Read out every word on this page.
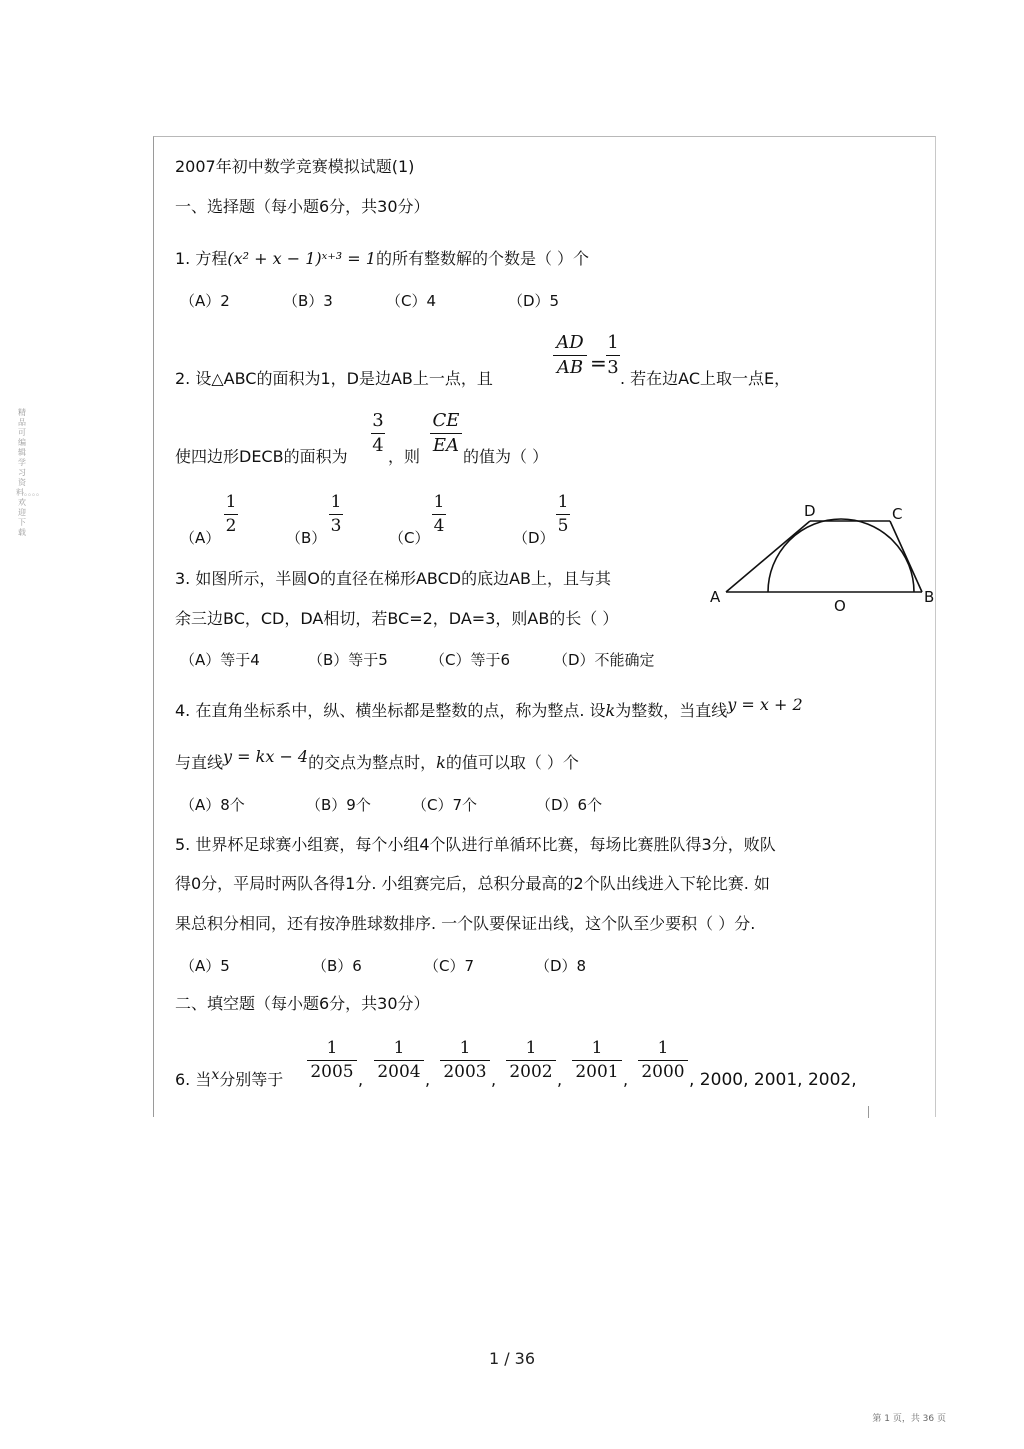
精品可编辑学习资料。。。。欢迎下载
2007年初中数学竞赛模拟试题(1)
一、选择题（每小题6分，共30分）
1. 方程(x² + x − 1)ˣ⁺³ = 1的所有整数解的个数是（ ）个
（A）2	（B）3	（C）4	（D）5
2. 设△ABC的面积为1，D是边AB上一点，且
AD
AB =
1
3
. 若在边AC上取一点E，
使四边形DECB的面积为
3
4
，则
CE
EA
的值为（ ）
（A）
1
2
（B）
1
3
（C）
1
4
（D）
1
5
3. 如图所示，半圆O的直径在梯形ABCD的底边AB上，且与其
余三边BC，CD，DA相切，若BC=2，DA=3，则AB的长（ ）
（A）等于4	（B）等于5	（C）等于6	（D）不能确定
A	B
C
D
O
4. 在直角坐标系中，纵、横坐标都是整数的点，称为整点. 设k为整数，当直线y = x + 2
与直线y = kx − 4的交点为整点时，k的值可以取（ ）个
（A）8个	（B）9个	（C）7个	（D）6个
5. 世界杯足球赛小组赛，每个小组4个队进行单循环比赛，每场比赛胜队得3分，败队
得0分，平局时两队各得1分. 小组赛完后，总积分最高的2个队出线进入下轮比赛. 如
果总积分相同，还有按净胜球数排序. 一个队要保证出线，这个队至少要积（ ）分.
（A）5	（B）6	（C）7	（D）8
二、填空题（每小题6分，共30分）
6. 当x分别等于
1
2005 ,
1
2004 ,
1
2003 ,
1
2002 ,
1
2001 ,
1
2000 , 2000, 2001, 2002,
1 / 36
第 1 页，共 36 页
